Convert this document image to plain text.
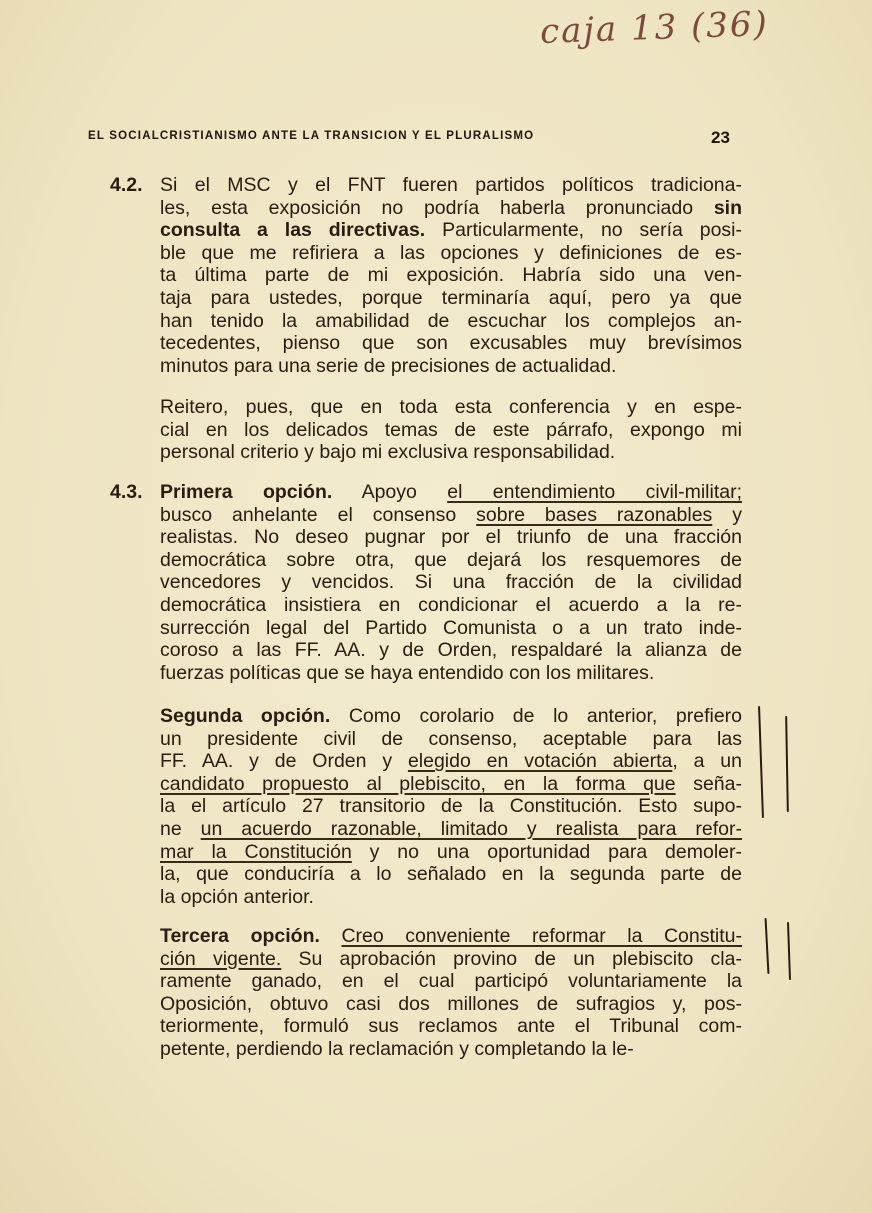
caja 13 (36)
EL SOCIALCRISTIANISMO ANTE LA TRANSICION Y EL PLURALISMO	23
4.2. Si el MSC y el FNT fueren partidos políticos tradiciona-
les, esta exposición no podría haberla pronunciado sin
consulta a las directivas. Particularmente, no sería posi-
ble que me refiriera a las opciones y definiciones de es-
ta última parte de mi exposición. Habría sido una ven-
taja para ustedes, porque terminaría aquí, pero ya que
han tenido la amabilidad de escuchar los complejos an-
tecedentes, pienso que son excusables muy brevísimos
minutos para una serie de precisiones de actualidad.
Reitero, pues, que en toda esta conferencia y en espe-
cial en los delicados temas de este párrafo, expongo mi
personal criterio y bajo mi exclusiva responsabilidad.
4.3. Primera opción. Apoyo el entendimiento civil-militar;
busco anhelante el consenso sobre bases razonables y
realistas. No deseo pugnar por el triunfo de una fracción
democrática sobre otra, que dejará los resquemores de
vencedores y vencidos. Si una fracción de la civilidad
democrática insistiera en condicionar el acuerdo a la re-
surrección legal del Partido Comunista o a un trato inde-
coroso a las FF. AA. y de Orden, respaldaré la alianza de
fuerzas políticas que se haya entendido con los militares.
Segunda opción. Como corolario de lo anterior, prefiero
un presidente civil de consenso, aceptable para las
FF. AA. y de Orden y elegido en votación abierta, a un
candidato propuesto al plebiscito, en la forma que seña-
la el artículo 27 transitorio de la Constitución. Esto supo-
ne un acuerdo razonable, limitado y realista para refor-
mar la Constitución y no una oportunidad para demoler-
la, que conduciría a lo señalado en la segunda parte de
la opción anterior.
Tercera opción. Creo conveniente reformar la Constitu-
ción vigente. Su aprobación provino de un plebiscito cla-
ramente ganado, en el cual participó voluntariamente la
Oposición, obtuvo casi dos millones de sufragios y, pos-
teriormente, formuló sus reclamos ante el Tribunal com-
petente, perdiendo la reclamación y completando la le-
